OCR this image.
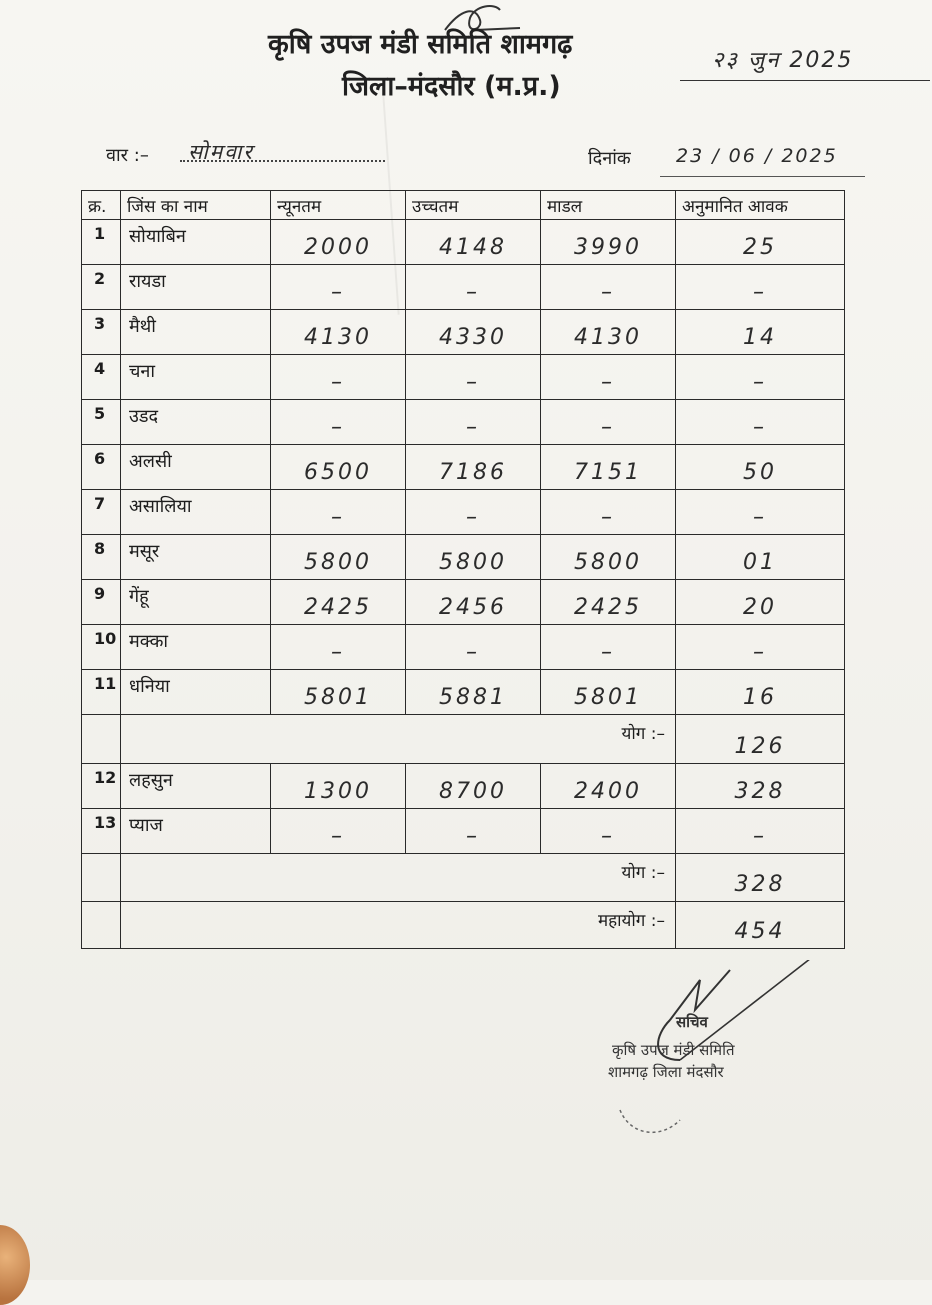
कृषि उपज मंडी समिति शामगढ़
जिला–मंदसौर (म.प्र.)
२३ जुन 2025
वार :– सोमवार	दिनांक 23 / 06 / 2025
क्र.	जिंस का नाम	न्यूनतम	उच्चतम	माडल	अनुमानित आवक
1	सोयाबिन	2000	4148	3990	25
2	रायडा	–	–	–	–
3	मैथी	4130	4330	4130	14
4	चना	–	–	–	–
5	उडद	–	–	–	–
6	अलसी	6500	7186	7151	50
7	असालिया	–	–	–	–
8	मसूर	5800	5800	5800	01
9	गेंहू	2425	2456	2425	20
10	मक्का	–	–	–	–
11	धनिया	5801	5881	5801	16
	योग :–				126
12	लहसुन	1300	8700	2400	328
13	प्याज	–	–	–	–
	योग :–				328
	महायोग :–				454
सचिव
कृषि उपज मंडी समिति
शामगढ़ जिला मंदसौर
